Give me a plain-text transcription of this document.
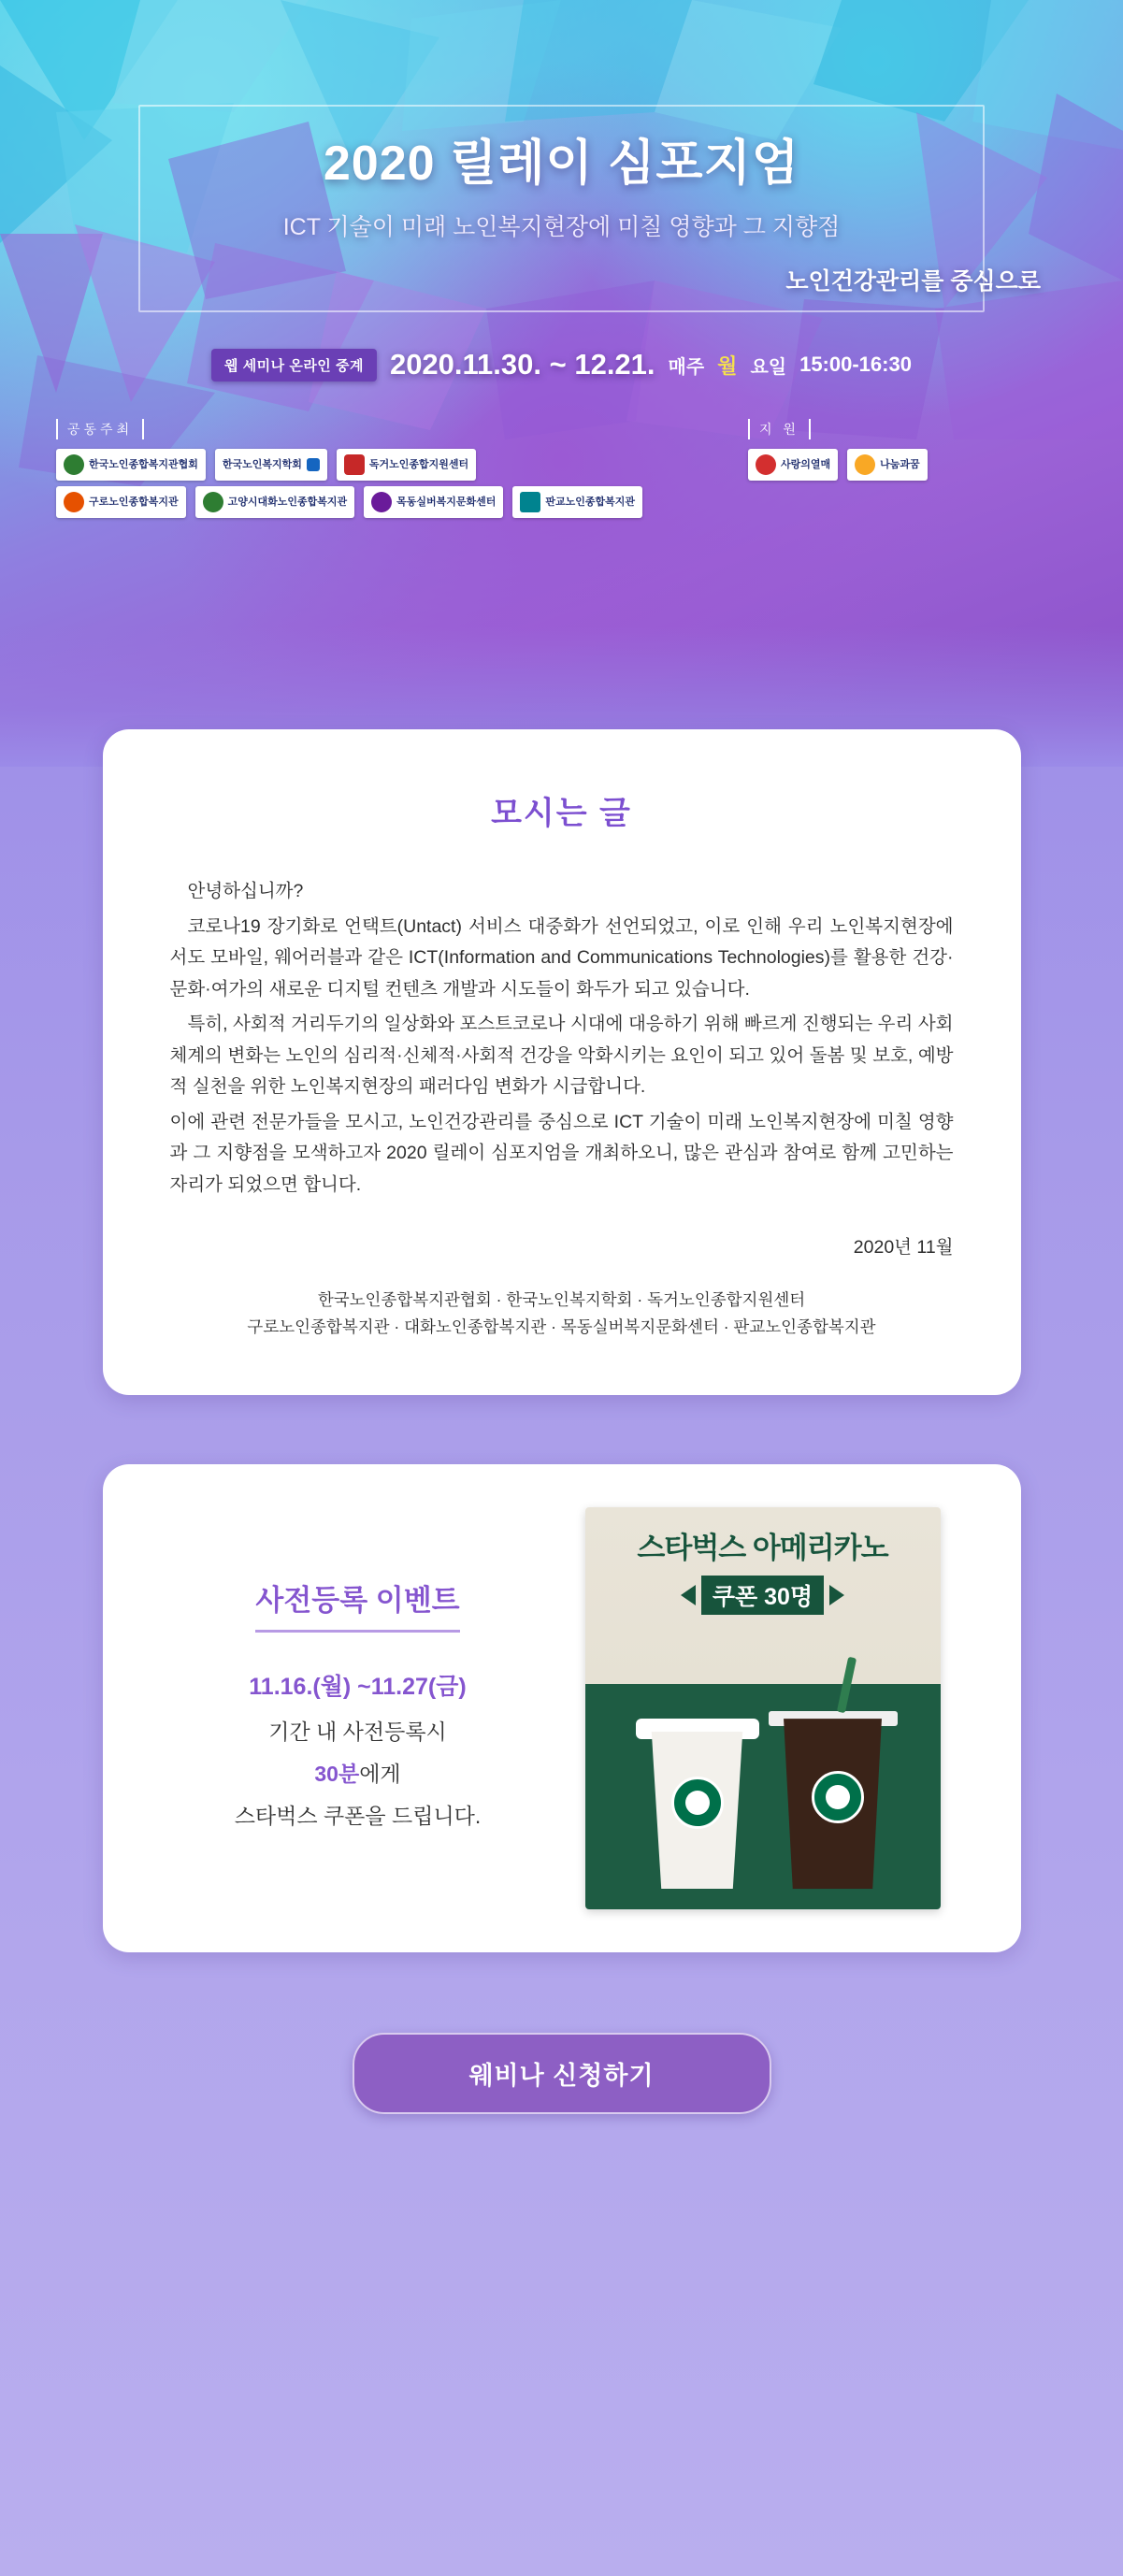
2020 릴레이 심포지엄
ICT 기술이 미래 노인복지현장에 미칠 영향과 그 지향점
노인건강관리를 중심으로
웹 세미나 온라인 중계 2020.11.30. ~ 12.21. 매주 월 요일 15:00-16:30
공동주최
한국노인종합복지관협회 한국노인복지학회	독거노인종합지원센터
구로노인종합복지관	고양시대화노인종합복지관	목동실버복지문화센터	판교노인종합복지관
지 원
사랑의열매	나눔과꿈
모시는 글

안녕하십니까?

코로나19 장기화로 언택트(Untact) 서비스 대중화가 선언되었고, 이로 인해 우리 노인복지현장에서도 모바일, 웨어러블과 같은 ICT(Information and Communications Technologies)를 활용한 건강·문화·여가의 새로운 디지털 컨텐츠 개발과 시도들이 화두가 되고 있습니다.

특히, 사회적 거리두기의 일상화와 포스트코로나 시대에 대응하기 위해 빠르게 진행되는 우리 사회체계의 변화는 노인의 심리적·신체적·사회적 건강을 악화시키는 요인이 되고 있어 돌봄 및 보호, 예방적 실천을 위한 노인복지현장의 패러다임 변화가 시급합니다.

이에 관련 전문가들을 모시고, 노인건강관리를 중심으로 ICT 기술이 미래 노인복지현장에 미칠 영향과 그 지향점을 모색하고자 2020 릴레이 심포지엄을 개최하오니, 많은 관심과 참여로 함께 고민하는 자리가 되었으면 합니다.

2020년 11월
한국노인종합복지관협회 · 한국노인복지학회 · 독거노인종합지원센터
구로노인종합복지관 · 대화노인종합복지관 · 목동실버복지문화센터 · 판교노인종합복지관
사전등록 이벤트
11.16.(월) ~11.27(금)
기간 내 사전등록시
30분에게
스타벅스 쿠폰을 드립니다.
스타벅스 아메리카노
쿠폰 30명
웨비나 신청하기
